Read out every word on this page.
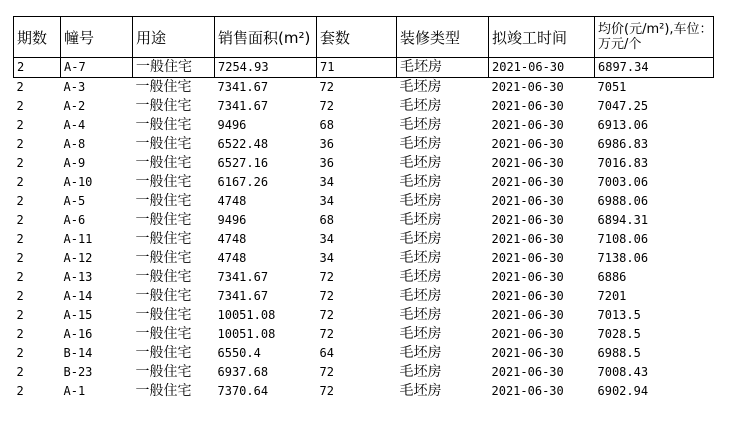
期数	幢号	用途	销售面积(m²)	套数	装修类型	拟竣工时间	均价(元/m²),车位：万元/个
2	A-7	一般住宅	7254.93	71	毛坯房	2021-06-30	6897.34
2	A-3	一般住宅	7341.67	72	毛坯房	2021-06-30	7051
2	A-2	一般住宅	7341.67	72	毛坯房	2021-06-30	7047.25
2	A-4	一般住宅	9496	68	毛坯房	2021-06-30	6913.06
2	A-8	一般住宅	6522.48	36	毛坯房	2021-06-30	6986.83
2	A-9	一般住宅	6527.16	36	毛坯房	2021-06-30	7016.83
2	A-10	一般住宅	6167.26	34	毛坯房	2021-06-30	7003.06
2	A-5	一般住宅	4748	34	毛坯房	2021-06-30	6988.06
2	A-6	一般住宅	9496	68	毛坯房	2021-06-30	6894.31
2	A-11	一般住宅	4748	34	毛坯房	2021-06-30	7108.06
2	A-12	一般住宅	4748	34	毛坯房	2021-06-30	7138.06
2	A-13	一般住宅	7341.67	72	毛坯房	2021-06-30	6886
2	A-14	一般住宅	7341.67	72	毛坯房	2021-06-30	7201
2	A-15	一般住宅	10051.08	72	毛坯房	2021-06-30	7013.5
2	A-16	一般住宅	10051.08	72	毛坯房	2021-06-30	7028.5
2	B-14	一般住宅	6550.4	64	毛坯房	2021-06-30	6988.5
2	B-23	一般住宅	6937.68	72	毛坯房	2021-06-30	7008.43
2	A-1	一般住宅	7370.64	72	毛坯房	2021-06-30	6902.94
